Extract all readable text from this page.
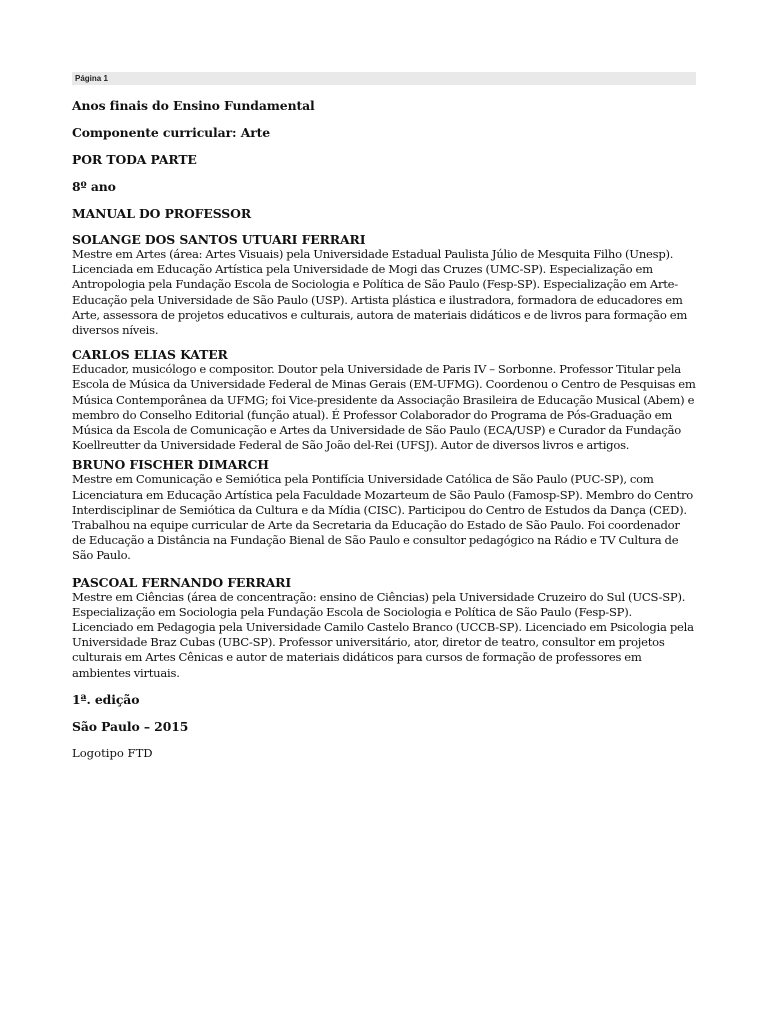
Página 1

Anos finais do Ensino Fundamental

Componente curricular: Arte

POR TODA PARTE

8º ano

MANUAL DO PROFESSOR

SOLANGE DOS SANTOS UTUARI FERRARI

Mestre em Artes (área: Artes Visuais) pela Universidade Estadual Paulista Júlio de Mesquita Filho (Unesp). Licenciada em Educação Artística pela Universidade de Mogi das Cruzes (UMC-SP). Especialização em Antropologia pela Fundação Escola de Sociologia e Política de São Paulo (Fesp-SP). Especialização em Arte-Educação pela Universidade de São Paulo (USP). Artista plástica e ilustradora, formadora de educadores em Arte, assessora de projetos educativos e culturais, autora de materiais didáticos e de livros para formação em diversos níveis.

CARLOS ELIAS KATER

Educador, musicólogo e compositor. Doutor pela Universidade de Paris IV – Sorbonne. Professor Titular pela Escola de Música da Universidade Federal de Minas Gerais (EM-UFMG). Coordenou o Centro de Pesquisas em Música Contemporânea da UFMG; foi Vice-presidente da Associação Brasileira de Educação Musical (Abem) e membro do Conselho Editorial (função atual). É Professor Colaborador do Programa de Pós-Graduação em Música da Escola de Comunicação e Artes da Universidade de São Paulo (ECA/USP) e Curador da Fundação Koellreutter da Universidade Federal de São João del-Rei (UFSJ). Autor de diversos livros e artigos.

BRUNO FISCHER DIMARCH

Mestre em Comunicação e Semiótica pela Pontifícia Universidade Católica de São Paulo (PUC-SP), com Licenciatura em Educação Artística pela Faculdade Mozarteum de São Paulo (Famosp-SP). Membro do Centro Interdisciplinar de Semiótica da Cultura e da Mídia (CISC). Participou do Centro de Estudos da Dança (CED). Trabalhou na equipe curricular de Arte da Secretaria da Educação do Estado de São Paulo. Foi coordenador de Educação a Distância na Fundação Bienal de São Paulo e consultor pedagógico na Rádio e TV Cultura de São Paulo.

PASCOAL FERNANDO FERRARI

Mestre em Ciências (área de concentração: ensino de Ciências) pela Universidade Cruzeiro do Sul (UCS-SP). Especialização em Sociologia pela Fundação Escola de Sociologia e Política de São Paulo (Fesp-SP). Licenciado em Pedagogia pela Universidade Camilo Castelo Branco (UCCB-SP). Licenciado em Psicologia pela Universidade Braz Cubas (UBC-SP). Professor universitário, ator, diretor de teatro, consultor em projetos culturais em Artes Cênicas e autor de materiais didáticos para cursos de formação de professores em ambientes virtuais.

1ª. edição

São Paulo – 2015

Logotipo FTD
